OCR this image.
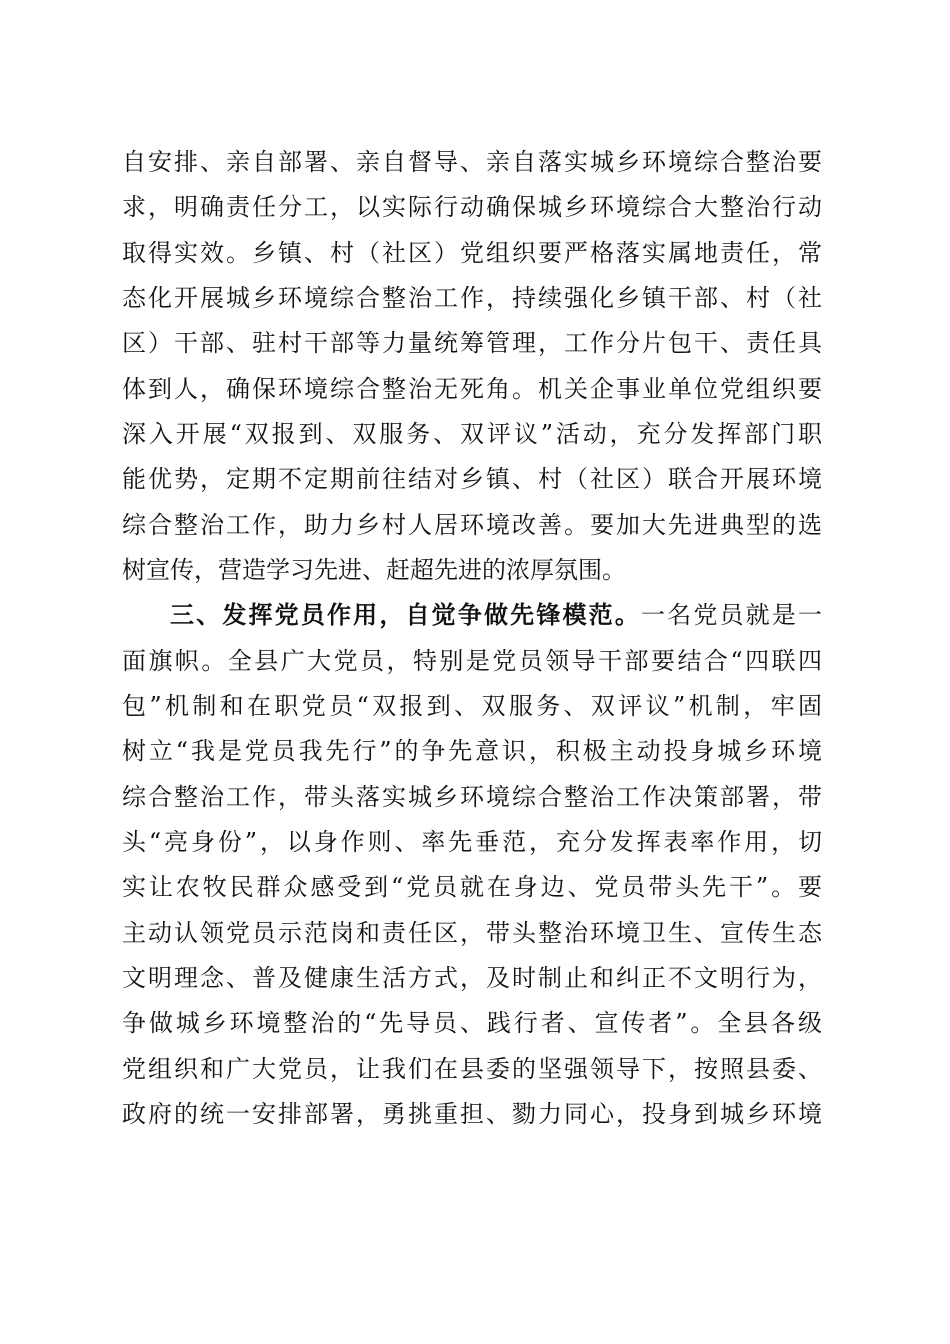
自安排、亲自部署、亲自督导、亲自落实城乡环境综合整治要
求，明确责任分工，以实际行动确保城乡环境综合大整治行动
取得实效。乡镇、村（社区）党组织要严格落实属地责任，常
态化开展城乡环境综合整治工作，持续强化乡镇干部、村（社
区）干部、驻村干部等力量统筹管理，工作分片包干、责任具
体到人，确保环境综合整治无死角。机关企事业单位党组织要
深入开展“双报到、双服务、双评议”活动，充分发挥部门职
能优势，定期不定期前往结对乡镇、村（社区）联合开展环境
综合整治工作，助力乡村人居环境改善。要加大先进典型的选
树宣传，营造学习先进、赶超先进的浓厚氛围。
三、发挥党员作用，自觉争做先锋模范。一名党员就是一
面旗帜。全县广大党员，特别是党员领导干部要结合“四联四
包”机制和在职党员“双报到、双服务、双评议”机制，牢固
树立“我是党员我先行”的争先意识，积极主动投身城乡环境
综合整治工作，带头落实城乡环境综合整治工作决策部署，带
头“亮身份”，以身作则、率先垂范，充分发挥表率作用，切
实让农牧民群众感受到“党员就在身边、党员带头先干”。要
主动认领党员示范岗和责任区，带头整治环境卫生、宣传生态
文明理念、普及健康生活方式，及时制止和纠正不文明行为，
争做城乡环境整治的“先导员、践行者、宣传者”。全县各级
党组织和广大党员，让我们在县委的坚强领导下，按照县委、
政府的统一安排部署，勇挑重担、勠力同心，投身到城乡环境
